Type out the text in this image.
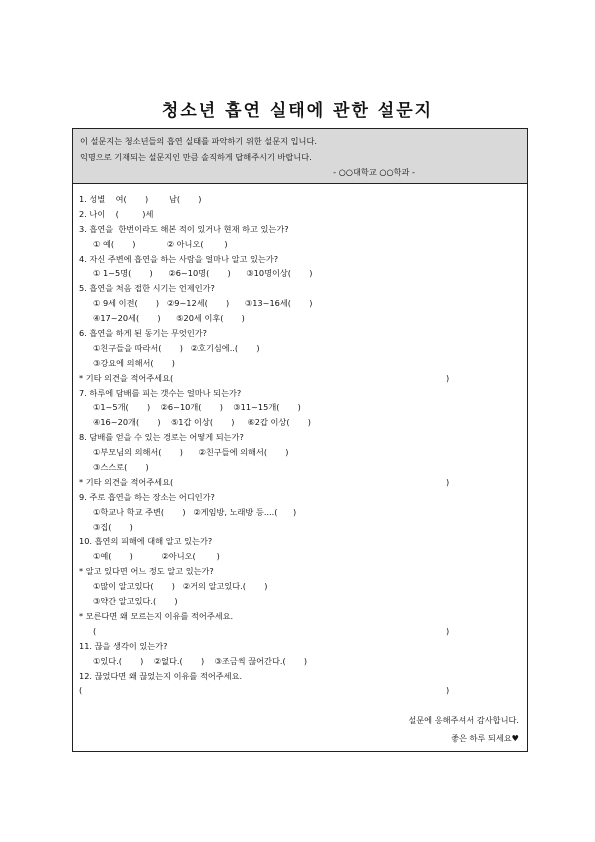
청소년 흡연 실태에 관한 설문지
이 설문지는 청소년들의 흡연 실태를 파악하기 위한 설문지 입니다.
익명으로 기재되는 설문지인 만큼 솔직하게 답해주시기 바랍니다.
- ○○대학교 ○○학과 -
1. 성별    여(       )        남(       )
2. 나이    (         )세
3. 흡연을  한번이라도 해본 적이 있거나 현재 하고 있는가?
① 예(       )            ② 아니오(        )
4. 자신 주변에 흡연을 하는 사람을 얼마나 알고 있는가?
① 1~5명(       )      ②6~10명(       )      ③10명이상(       )
5. 흡연을 처음 접한 시기는 언제인가?
① 9세 이전(       )   ②9~12세(       )      ③13~16세(       )
④17~20세(       )      ⑤20세 이후(       )
6. 흡연을 하게 된 동기는 무엇인가?
①친구들을 따라서(       )   ②호기심에..(       )
③강요에 의해서(       )
* 기타 의견을 적어주세요(	)
7. 하루에 담배를 피는 갯수는 얼마나 되는가?
①1~5개(       )    ②6~10개(       )    ③11~15개(       )
④16~20개(       )    ⑤1갑 이상(       )     ⑥2갑 이상(       )
8. 담배를 얻을 수 있는 경로는 어떻게 되는가?
①부모님의 의해서(       )      ②친구들에 의해서(       )
③스스로(       )
* 기타 의견을 적어주세요(	)
9. 주로 흡연을 하는 장소는 어디인가?
①학교나 학교 주변(       )   ②게임방, 노래방 등....(      )
③집(       )
10. 흡연의 피해에 대해 알고 있는가?
①예(       )           ②아니오(        )
* 알고 있다면 어느 정도 알고 있는가?
①많이 알고있다(       )   ②거의 알고있다.(       )
③약간 알고있다.(       )
* 모른다면 왜 모르는지 이유를 적어주세요.
(	)
11. 끊을 생각이 있는가?
①있다.(       )    ②없다.(       )    ③조금씩 끊어간다.(       )
12. 끊었다면 왜 끊었는지 이유를 적어주세요.
(	)
설문에 응해주셔서 감사합니다.
좋은 하루 되세요♥
